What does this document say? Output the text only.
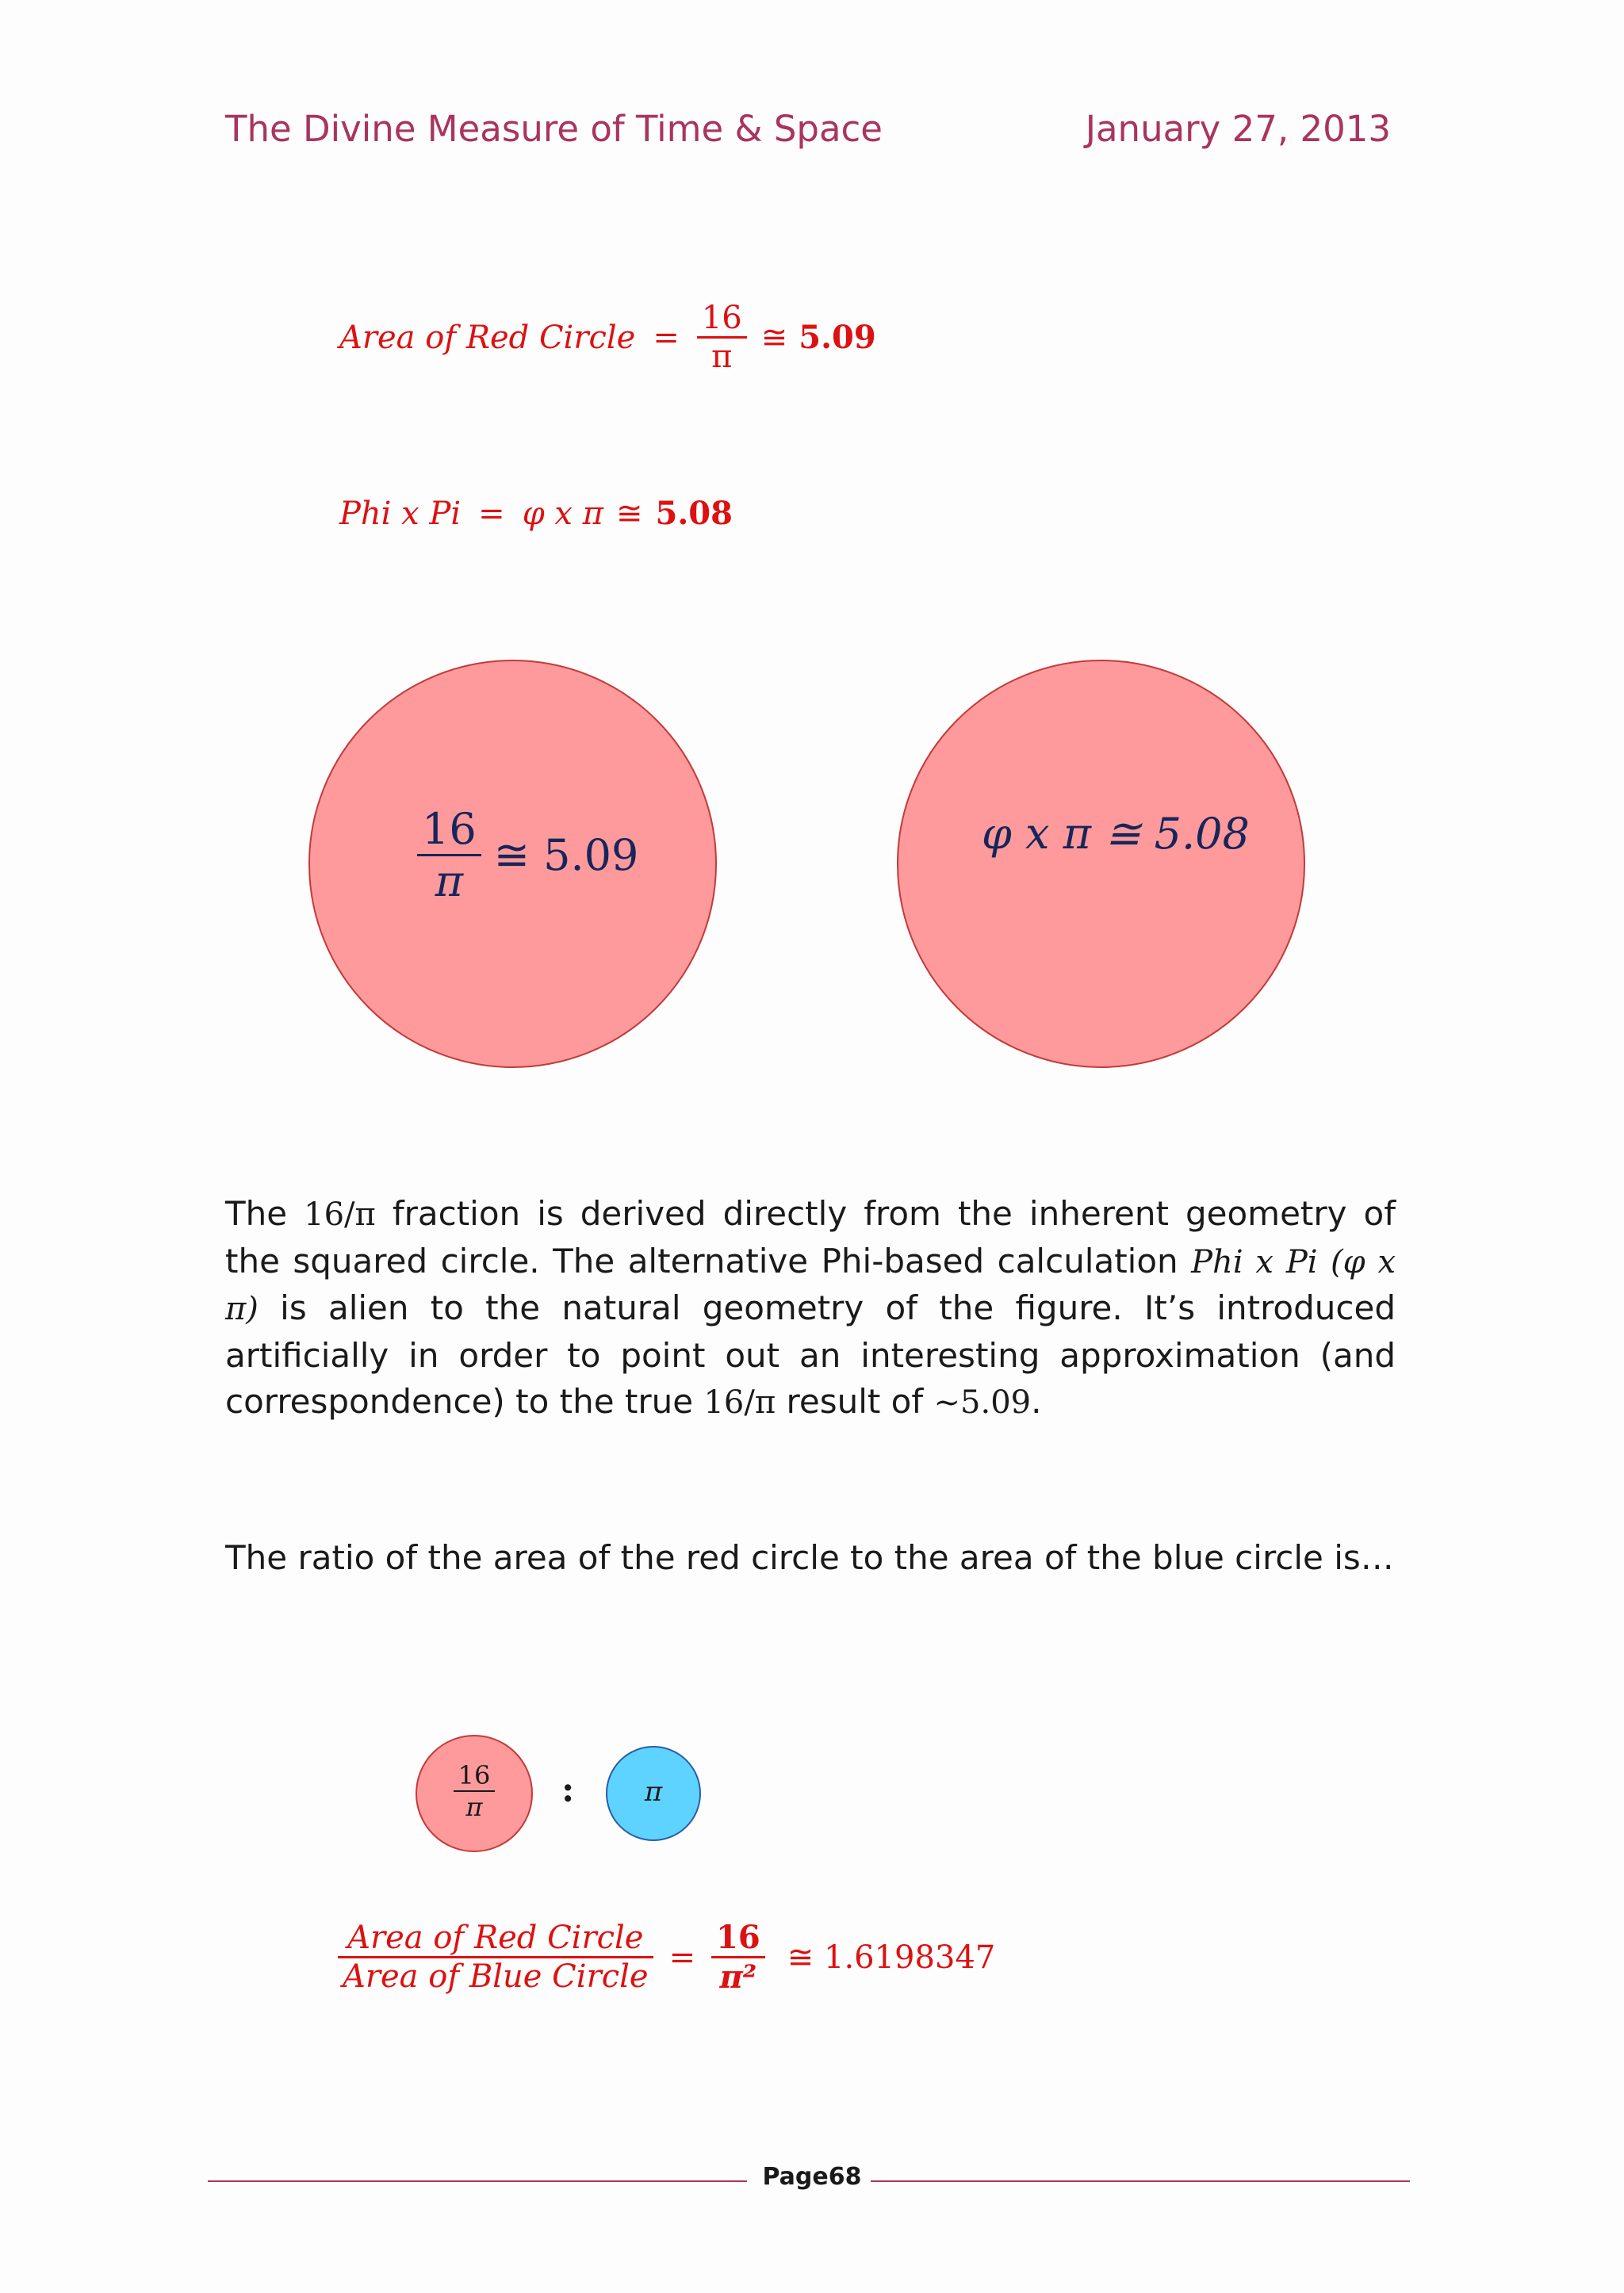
The Divine Measure of Time & Space	January 27, 2013
Area of Red Circle = $\frac{16}{\pi}$ ≅ 5.09
Phi x Pi = φ x π ≅ 5.08
$\frac{16}{\pi}$ ≅ 5.09	φ x π ≅ 5.08
The 16/π fraction is derived directly from the inherent geometry of the squared circle. The alternative Phi-based calculation Phi x Pi (φ x π) is alien to the natural geometry of the figure. It’s introduced artificially in order to point out an interesting approximation (and correspondence) to the true 16/π result of ~5.09.
The ratio of the area of the red circle to the area of the blue circle is…
$\frac{16}{\pi}$ :	π
$\frac{\text{Area of Red Circle}}{\text{Area of Blue Circle}} = \frac{16}{\text{π²}}$ ≅ 1.6198347
Page68
